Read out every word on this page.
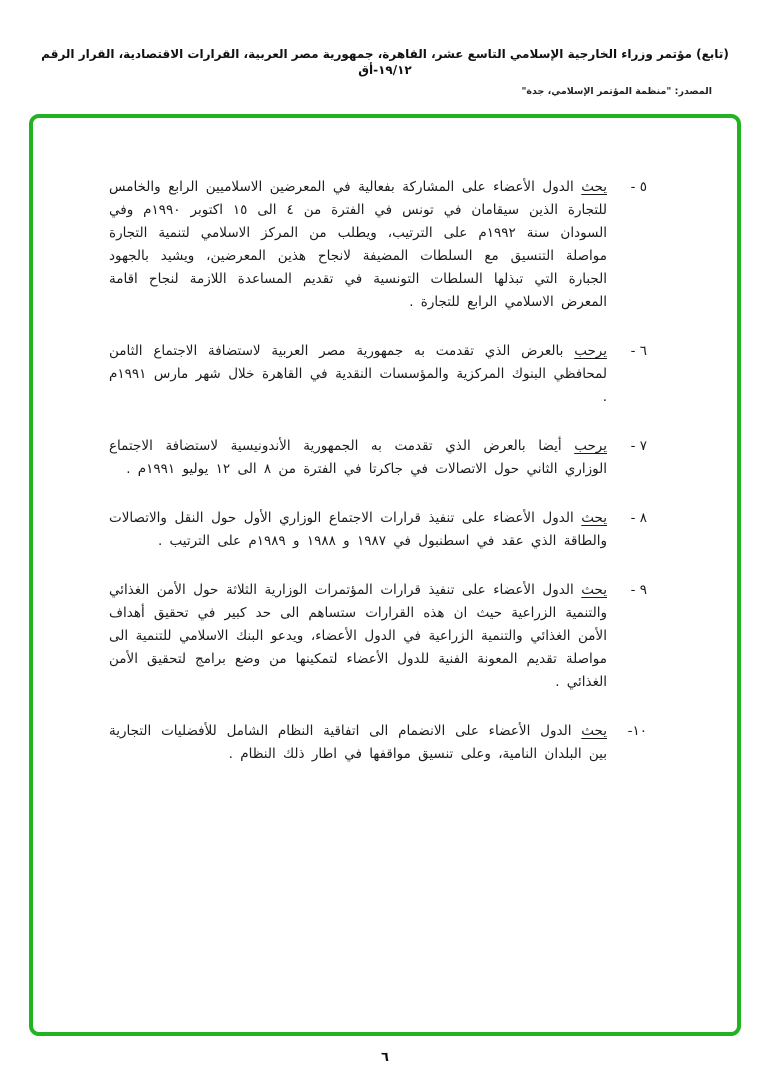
(تابع) مؤتمر وزراء الخارجية الإسلامي التاسع عشر، القاهرة، جمهورية مصر العربية، القرارات الاقتصادية، القرار الرقم ١٩/١٢-أق
المصدر: "منظمة المؤتمر الإسلامي، جدة"
٥ -

يحث الدول الأعضاء على المشاركة بفعالية في المعرضين الاسلاميين الرابع والخامس للتجارة الذين سيقامان في تونس في الفترة من ٤ الى ١٥ اكتوبر ١٩٩٠م وفي السودان سنة ١٩٩٢م على الترتيب، ويطلب من المركز الاسلامي لتنمية التجارة مواصلة التنسيق مع السلطات المضيفة لانجاح هذين المعرضين، ويشيد بالجهود الجبارة التي تبذلها السلطات التونسية في تقديم المساعدة اللازمة لنجاح اقامة المعرض الاسلامي الرابع للتجارة .

٦ -

يرحب بالعرض الذي تقدمت به جمهورية مصر العربية لاستضافة الاجتماع الثامن لمحافظي البنوك المركزية والمؤسسات النقدية في القاهرة خلال شهر مارس ١٩٩١م .

٧ -

يرحب أيضا بالعرض الذي تقدمت به الجمهورية الأندونيسية لاستضافة الاجتماع الوزاري الثاني حول الاتصالات في جاكرتا في الفترة من ٨ الى ١٢ يوليو ١٩٩١م .

٨ -

يحث الدول الأعضاء على تنفيذ قرارات الاجتماع الوزاري الأول حول النقل والاتصالات والطاقة الذي عقد في اسطنبول في ١٩٨٧ و ١٩٨٨ و ١٩٨٩م على الترتيب .

٩ -

يحث الدول الأعضاء على تنفيذ قرارات المؤتمرات الوزارية الثلاثة حول الأمن الغذائي والتنمية الزراعية حيث ان هذه القرارات ستساهم الى حد كبير في تحقيق أهداف الأمن الغذائي والتنمية الزراعية في الدول الأعضاء، ويدعو البنك الاسلامي للتنمية الى مواصلة تقديم المعونة الفنية للدول الأعضاء لتمكينها من وضع برامج لتحقيق الأمن الغذائي .

١٠-

يحث الدول الأعضاء على الانضمام الى اتفاقية النظام الشامل للأفضليات التجارية بين البلدان النامية، وعلى تنسيق مواقفها في اطار ذلك النظام .

٦
